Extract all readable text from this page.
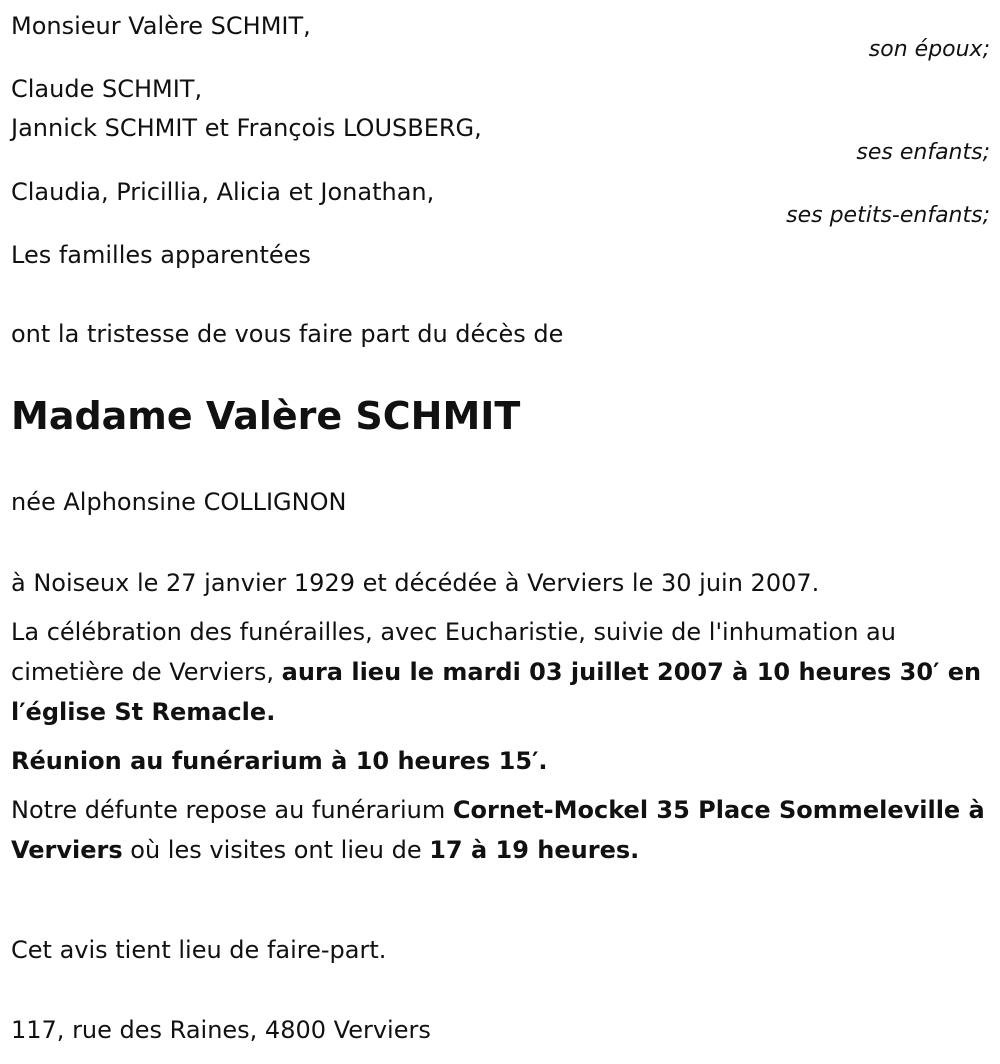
Monsieur Valère SCHMIT,
son époux;
Claude SCHMIT,
Jannick SCHMIT et François LOUSBERG,
ses enfants;
Claudia, Pricillia, Alicia et Jonathan,
ses petits-enfants;
Les familles apparentées
ont la tristesse de vous faire part du décès de
Madame Valère SCHMIT
née Alphonsine COLLIGNON
à Noiseux le 27 janvier 1929 et décédée à Verviers le 30 juin 2007.
La célébration des funérailles, avec Eucharistie, suivie de l'inhumation au cimetière de Verviers, aura lieu le mardi 03 juillet 2007 à 10 heures 30′ en l′église St Remacle.
Réunion au funérarium à 10 heures 15′.
Notre défunte repose au funérarium Cornet-Mockel 35 Place Sommeleville à Verviers où les visites ont lieu de 17 à 19 heures.
Cet avis tient lieu de faire-part.
117, rue des Raines, 4800 Verviers
